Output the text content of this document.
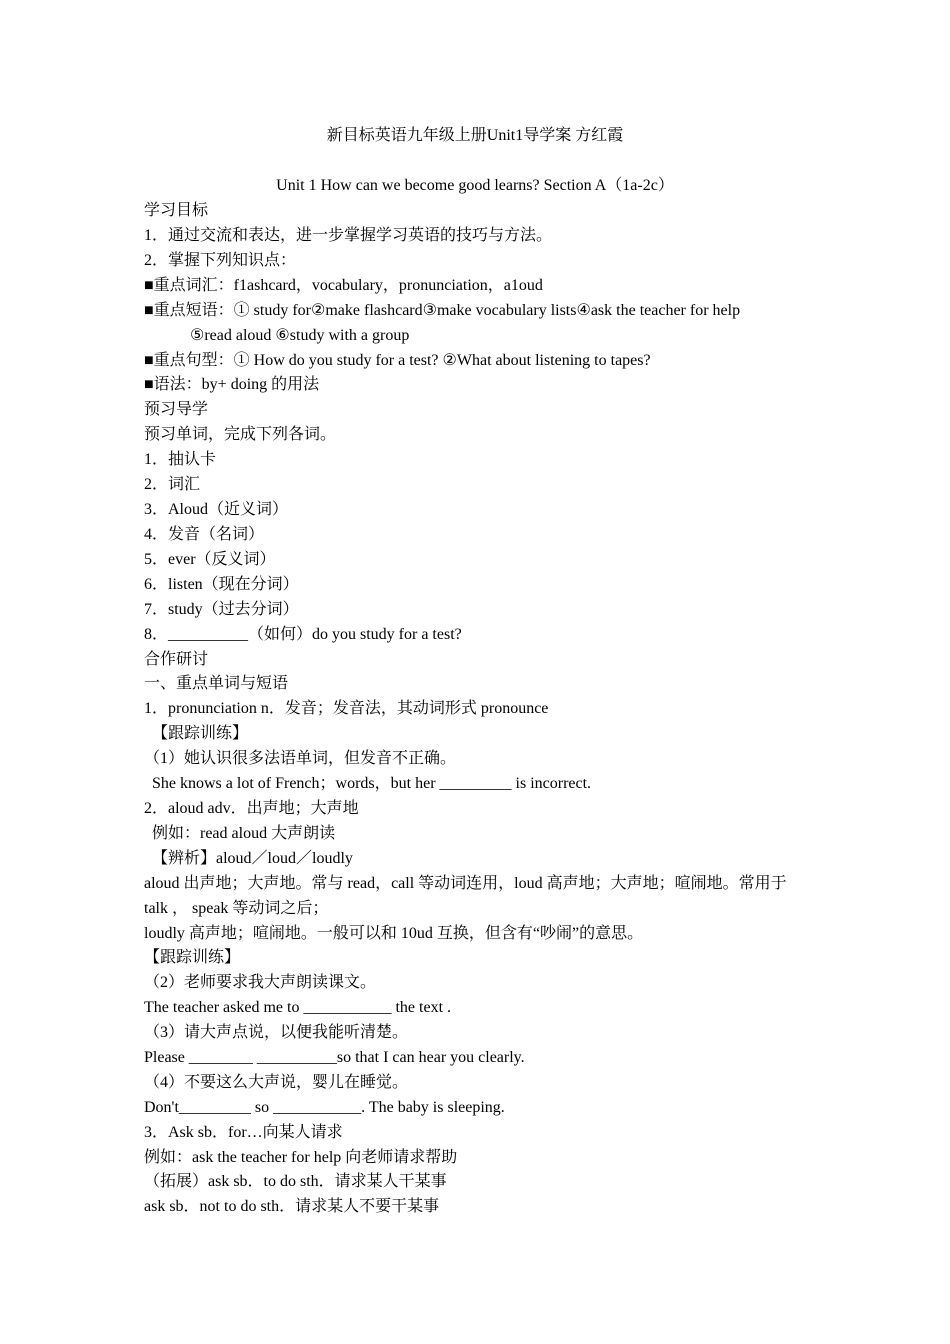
新目标英语九年级上册Unit1导学案 方红霞
Unit 1 How can we become good learns? Section A（1a-2c）
学习目标
1．通过交流和表达，进一步掌握学习英语的技巧与方法。
2．掌握下列知识点：
■重点词汇：f1ashcard，vocabulary，pronunciation，a1oud
■重点短语：① study for②make flashcard③make vocabulary lists④ask the teacher for help
⑤read aloud ⑥study with a group
■重点句型：① How do you study for a test? ②What about listening to tapes?
■语法：by+ doing 的用法
预习导学
预习单词，完成下列各词。
1．抽认卡
2．词汇
3．Aloud（近义词）
4．发音（名词）
5．ever（反义词）
6．listen（现在分词）
7．study（过去分词）
8．__________（如何）do you study for a test?
合作研讨
一、重点单词与短语
1．pronunciation n．发音；发音法，其动词形式 pronounce
【跟踪训练】
（1）她认识很多法语单词，但发音不正确。
She knows a lot of French；words，but her _________ is incorrect.
2．aloud adv．出声地；大声地
例如：read aloud 大声朗读
【辨析】aloud／loud／loudly
aloud 出声地；大声地。常与 read，call 等动词连用，loud 高声地；大声地；喧闹地。常用于
talk ， speak 等动词之后；
loudly 高声地；喧闹地。一般可以和 10ud 互换，但含有“吵闹”的意思。
【跟踪训练】
（2）老师要求我大声朗读课文。
The teacher asked me to ___________ the text .
（3）请大声点说，以便我能听清楚。
Please ________ __________so that I can hear you clearly.
（4）不要这么大声说，婴儿在睡觉。
Don't_________ so ___________. The baby is sleeping.
3．Ask sb．for…向某人请求
例如：ask the teacher for help 向老师请求帮助
（拓展）ask sb．to do sth．请求某人干某事
ask sb．not to do sth．请求某人不要干某事
